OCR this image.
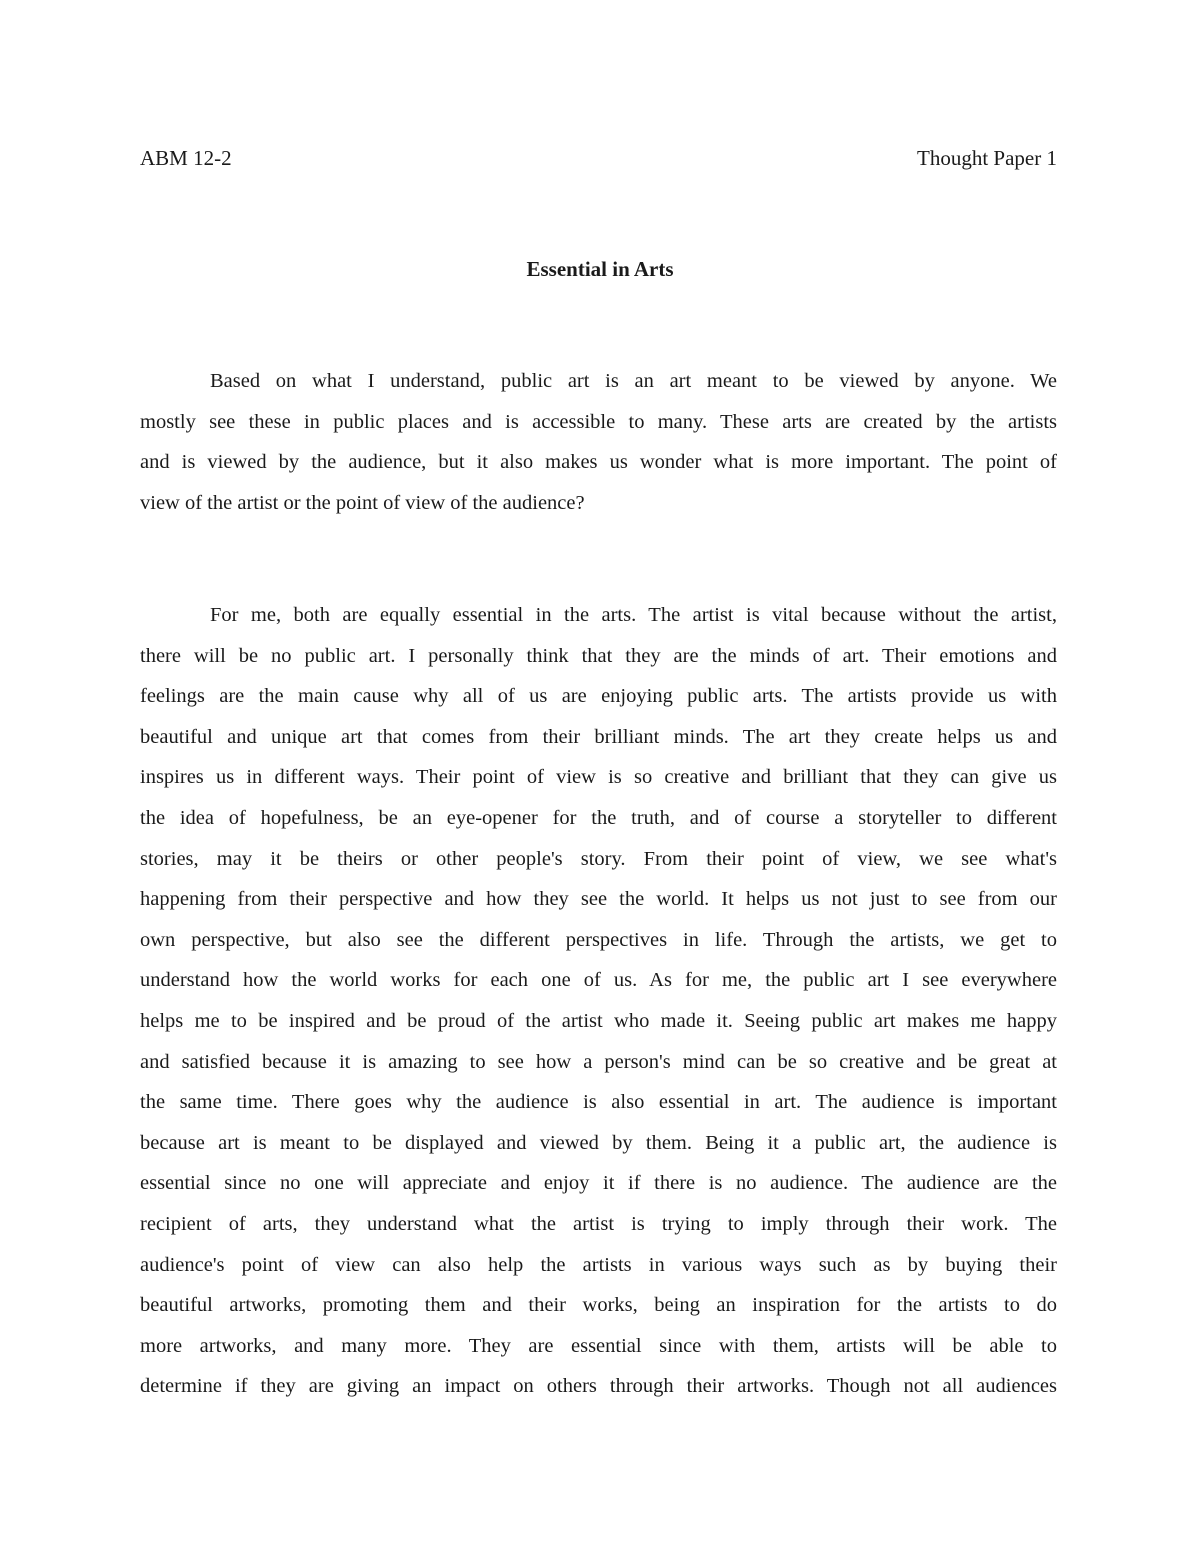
ABM 12-2	Thought Paper 1
Essential in Arts
Based on what I understand, public art is an art meant to be viewed by anyone. We
mostly see these in public places and is accessible to many. These arts are created by the artists
and is viewed by the audience, but it also makes us wonder what is more important. The point of
view of the artist or the point of view of the audience?
For me, both are equally essential in the arts. The artist is vital because without the artist,
there will be no public art. I personally think that they are the minds of art. Their emotions and
feelings are the main cause why all of us are enjoying public arts. The artists provide us with
beautiful and unique art that comes from their brilliant minds. The art they create helps us and
inspires us in different ways. Their point of view is so creative and brilliant that they can give us
the idea of hopefulness, be an eye-opener for the truth, and of course a storyteller to different
stories, may it be theirs or other people's story. From their point of view, we see what's
happening from their perspective and how they see the world. It helps us not just to see from our
own perspective, but also see the different perspectives in life. Through the artists, we get to
understand how the world works for each one of us. As for me, the public art I see everywhere
helps me to be inspired and be proud of the artist who made it. Seeing public art makes me happy
and satisfied because it is amazing to see how a person's mind can be so creative and be great at
the same time. There goes why the audience is also essential in art. The audience is important
because art is meant to be displayed and viewed by them. Being it a public art, the audience is
essential since no one will appreciate and enjoy it if there is no audience. The audience are the
recipient of arts, they understand what the artist is trying to imply through their work. The
audience's point of view can also help the artists in various ways such as by buying their
beautiful artworks, promoting them and their works, being an inspiration for the artists to do
more artworks, and many more. They are essential since with them, artists will be able to
determine if they are giving an impact on others through their artworks. Though not all audiences
